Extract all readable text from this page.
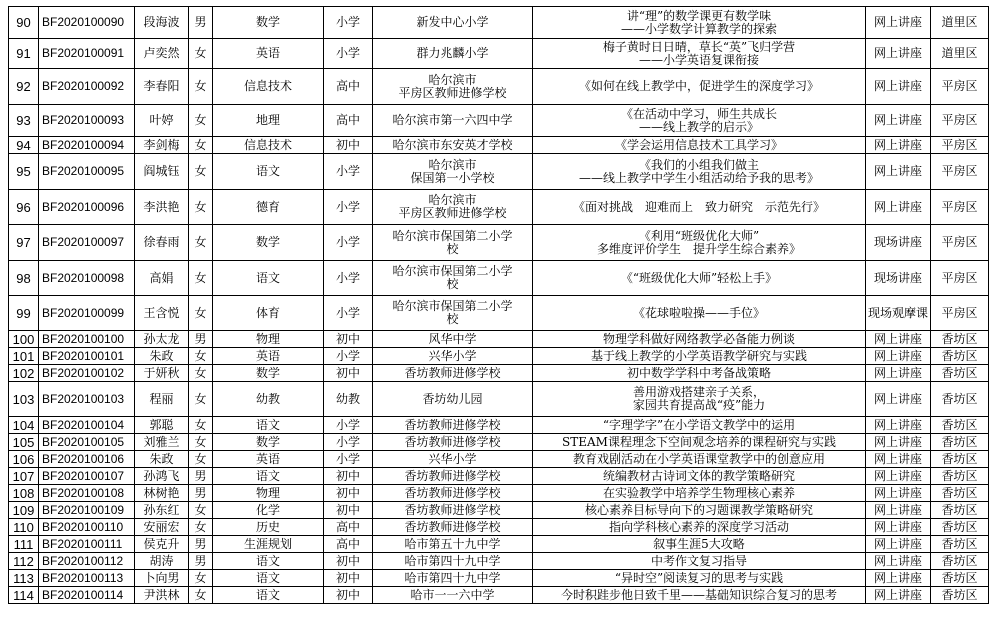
90	BF2020100090	段海波	男	数学	小学	新发中心小学	讲“理”的数学课更有数学味
——小学数学计算教学的探索	网上讲座	道里区
91	BF2020100091	卢奕然	女	英语	小学	群力兆麟小学	梅子黄时日日晴，草长“英”飞归学营
——小学英语复课衔接	网上讲座	道里区
92	BF2020100092	李春阳	女	信息技术	高中	哈尔滨市
平房区教师进修学校	《如何在线上教学中，促进学生的深度学习》	网上讲座	平房区
93	BF2020100093	叶婷	女	地理	高中	哈尔滨市第一六四中学	《在活动中学习，师生共成长
——线上教学的启示》	网上讲座	平房区
94	BF2020100094	李剑梅	女	信息技术	初中	哈尔滨市东安英才学校	《学会运用信息技术工具学习》	网上讲座	平房区
95	BF2020100095	阎城钰	女	语文	小学	哈尔滨市
保国第一小学校	《我们的小组我们做主
——线上教学中学生小组活动给予我的思考》	网上讲座	平房区
96	BF2020100096	李洪艳	女	德育	小学	哈尔滨市
平房区教师进修学校	《面对挑战　迎难而上　致力研究　示范先行》	网上讲座	平房区
97	BF2020100097	徐春雨	女	数学	小学	哈尔滨市保国第二小学
校	《利用“班级优化大师”
多维度评价学生　提升学生综合素养》	现场讲座	平房区
98	BF2020100098	高娟	女	语文	小学	哈尔滨市保国第二小学
校	《“班级优化大师”轻松上手》	现场讲座	平房区
99	BF2020100099	王含悦	女	体育	小学	哈尔滨市保国第二小学
校	《花球啦啦操——手位》	现场观摩课	平房区
100	BF2020100100	孙太龙	男	物理	初中	风华中学	物理学科做好网络教学必备能力例谈	网上讲座	香坊区
101	BF2020100101	朱政	女	英语	小学	兴华小学	基于线上教学的小学英语教学研究与实践	网上讲座	香坊区
102	BF2020100102	于妍秋	女	数学	初中	香坊教师进修学校	初中数学学科中考备战策略	网上讲座	香坊区
103	BF2020100103	程丽	女	幼教	幼教	香坊幼儿园	善用游戏搭建亲子关系，
家园共育提高战“疫”能力	网上讲座	香坊区
104	BF2020100104	郭聪	女	语文	小学	香坊教师进修学校	“字理学字”在小学语文教学中的运用	网上讲座	香坊区
105	BF2020100105	刘雅兰	女	数学	小学	香坊教师进修学校	STEAM课程理念下空间观念培养的课程研究与实践	网上讲座	香坊区
106	BF2020100106	朱政	女	英语	小学	兴华小学	教育戏剧活动在小学英语课堂教学中的创意应用	网上讲座	香坊区
107	BF2020100107	孙鸿飞	男	语文	初中	香坊教师进修学校	统编教材古诗词文体的教学策略研究	网上讲座	香坊区
108	BF2020100108	林树艳	男	物理	初中	香坊教师进修学校	在实验教学中培养学生物理核心素养	网上讲座	香坊区
109	BF2020100109	孙东红	女	化学	初中	香坊教师进修学校	核心素养目标导向下的习题课教学策略研究	网上讲座	香坊区
110	BF2020100110	安丽宏	女	历史	高中	香坊教师进修学校	指向学科核心素养的深度学习活动	网上讲座	香坊区
111	BF2020100111	侯克升	男	生涯规划	高中	哈市第五十九中学	叙事生涯5大攻略	网上讲座	香坊区
112	BF2020100112	胡涛	男	语文	初中	哈市第四十九中学	中考作文复习指导	网上讲座	香坊区
113	BF2020100113	卜向男	女	语文	初中	哈市第四十九中学	“异时空”阅读复习的思考与实践	网上讲座	香坊区
114	BF2020100114	尹洪林	女	语文	初中	哈市一一六中学	今时积跬步他日致千里——基础知识综合复习的思考	网上讲座	香坊区
